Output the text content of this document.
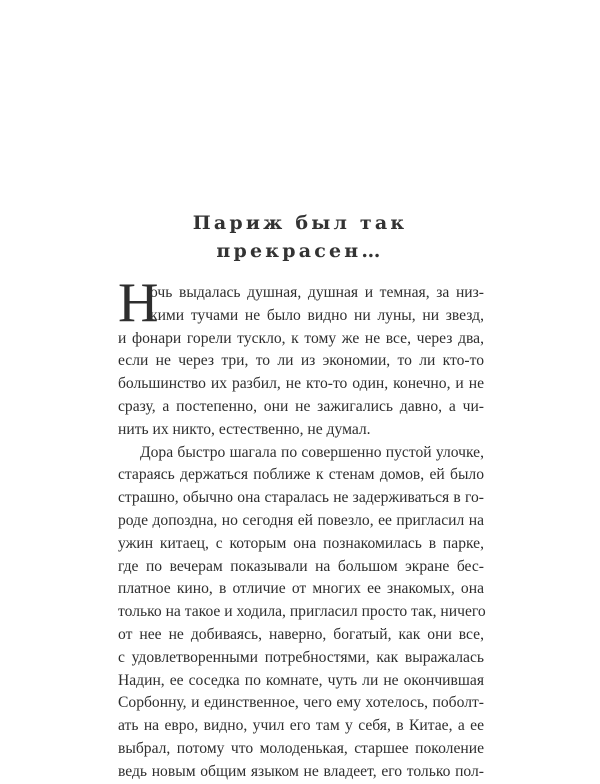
Париж был так
прекрасен…
Н
очь выдалась душная, душная и темная, за низ-
кими тучами не было видно ни луны, ни звезд,
и фонари горели тускло, к тому же не все, через два,
если не через три, то ли из экономии, то ли кто-то
большинство их разбил, не кто-то один, конечно, и не
сразу, а постепенно, они не зажигались давно, а чи-
нить их никто, естественно, не думал.
Дора быстро шагала по совершенно пустой улочке,
стараясь держаться поближе к стенам домов, ей было
страшно, обычно она старалась не задерживаться в го-
роде допоздна, но сегодня ей повезло, ее пригласил на
ужин китаец, с которым она познакомилась в парке,
где по вечерам показывали на большом экране бес-
платное кино, в отличие от многих ее знакомых, она
только на такое и ходила, пригласил просто так, ничего
от нее не добиваясь, наверно, богатый, как они все,
с удовлетворенными потребностями, как выражалась
Надин, ее соседка по комнате, чуть ли не окончившая
Сорбонну, и единственное, чего ему хотелось, поболт-
ать на евро, видно, учил его там у себя, в Китае, а ее
выбрал, потому что молоденькая, старшее поколение
ведь новым общим языком не владеет, его только пол-
